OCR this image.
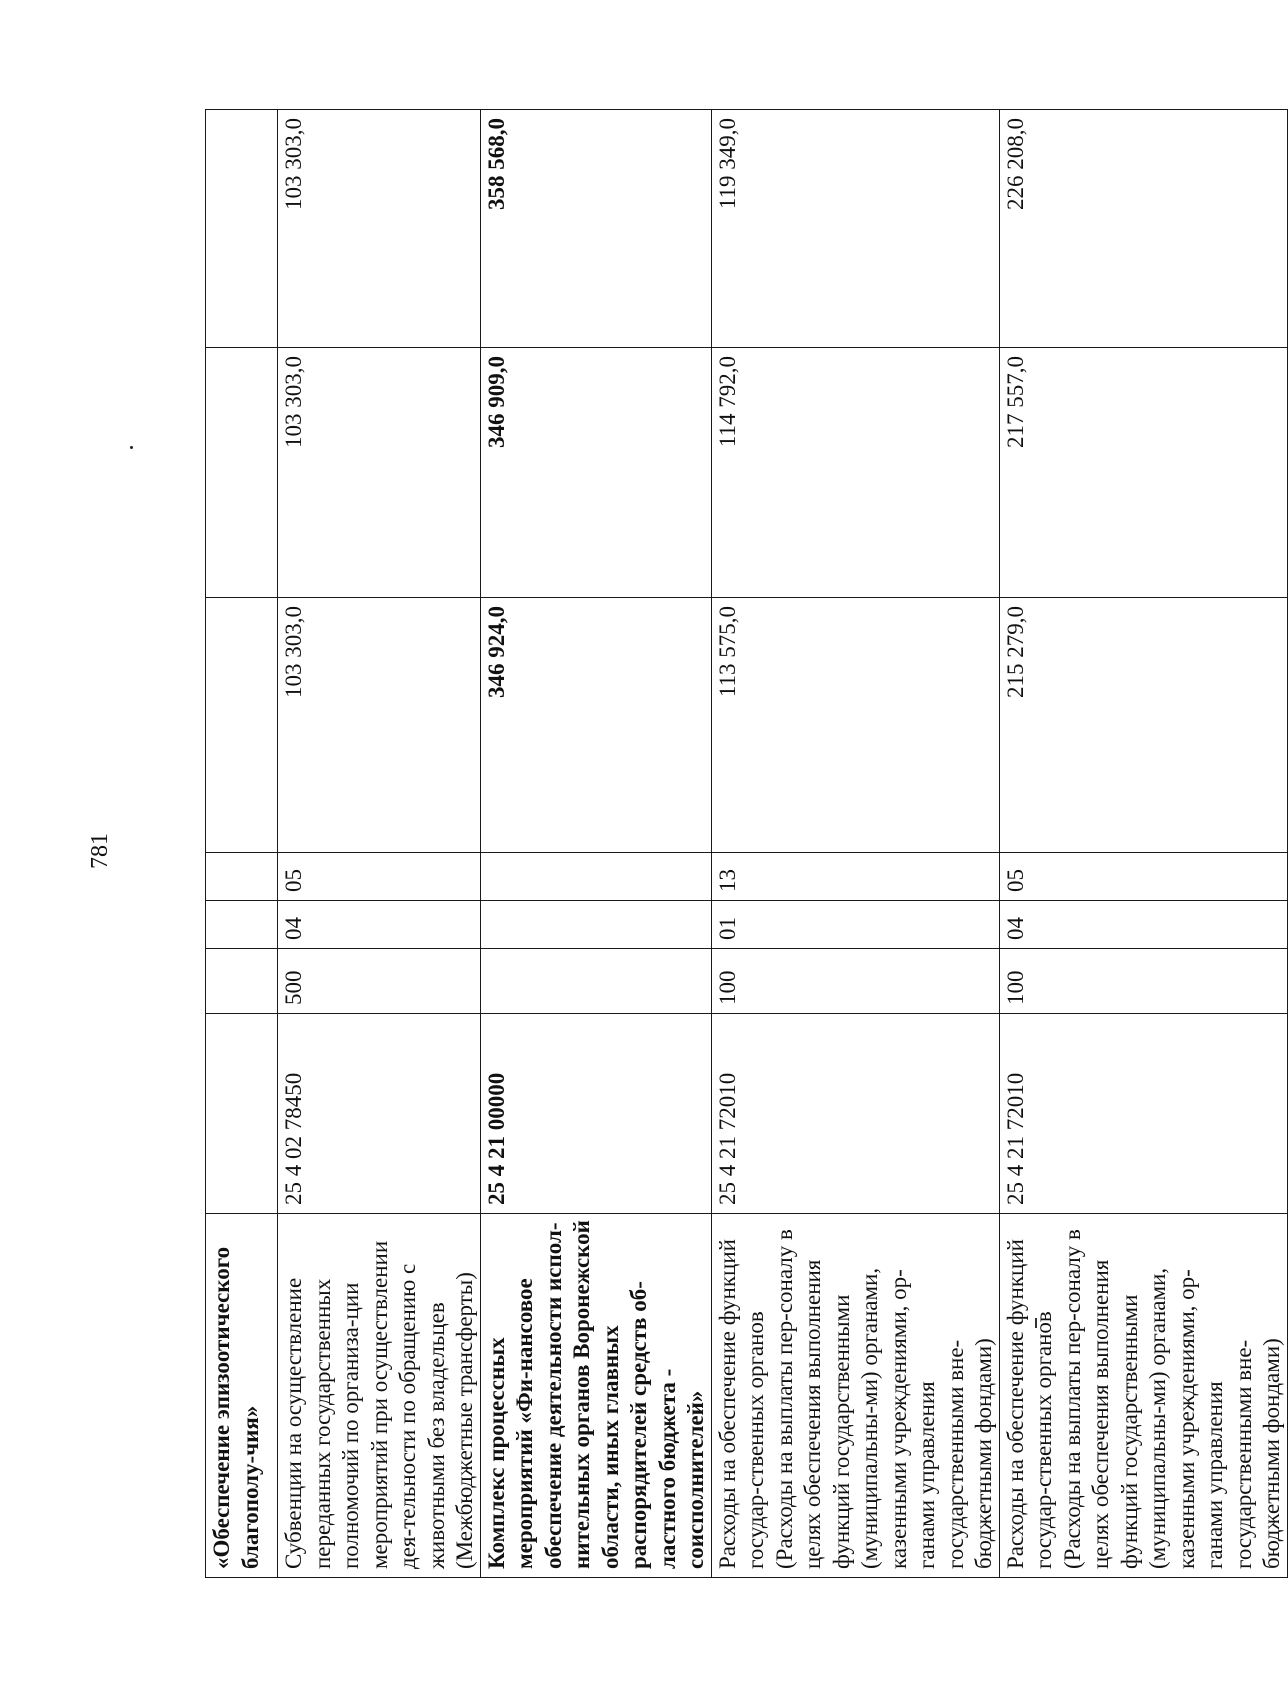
781
«Обеспечение эпизоотического благополу-чия»							
Субвенции на осуществление переданных государственных полномочий по организа-ции мероприятий при осуществлении дея-тельности по обращению с животными без владельцев (Межбюджетные трансферты)	25 4 02 78450	500	04	05	103 303,0	103 303,0	103 303,0
Комплекс процессных мероприятий «Фи-нансовое обеспечение деятельности испол-нительных органов Воронежской области, иных главных распорядителей средств об-ластного бюджета - соисполнителей»	25 4 21 00000				346 924,0	346 909,0	358 568,0
Расходы на обеспечение функций государ-ственных органов (Расходы на выплаты пер-соналу в целях обеспечения выполнения функций государственными (муниципальны-ми) органами, казенными учреждениями, ор-ганами управления государственными вне-бюджетными фондами)	25 4 21 72010	100	01	13	113 575,0	114 792,0	119 349,0
Расходы на обеспечение функций государ-ственных органов (Расходы на выплаты пер-соналу в целях обеспечения выполнения функций государственными (муниципальны-ми) органами, казенными учреждениями, ор-ганами управления государственными вне-бюджетными фондами)	25 4 21 72010	100	04	05	215 279,0	217 557,0	226 208,0
